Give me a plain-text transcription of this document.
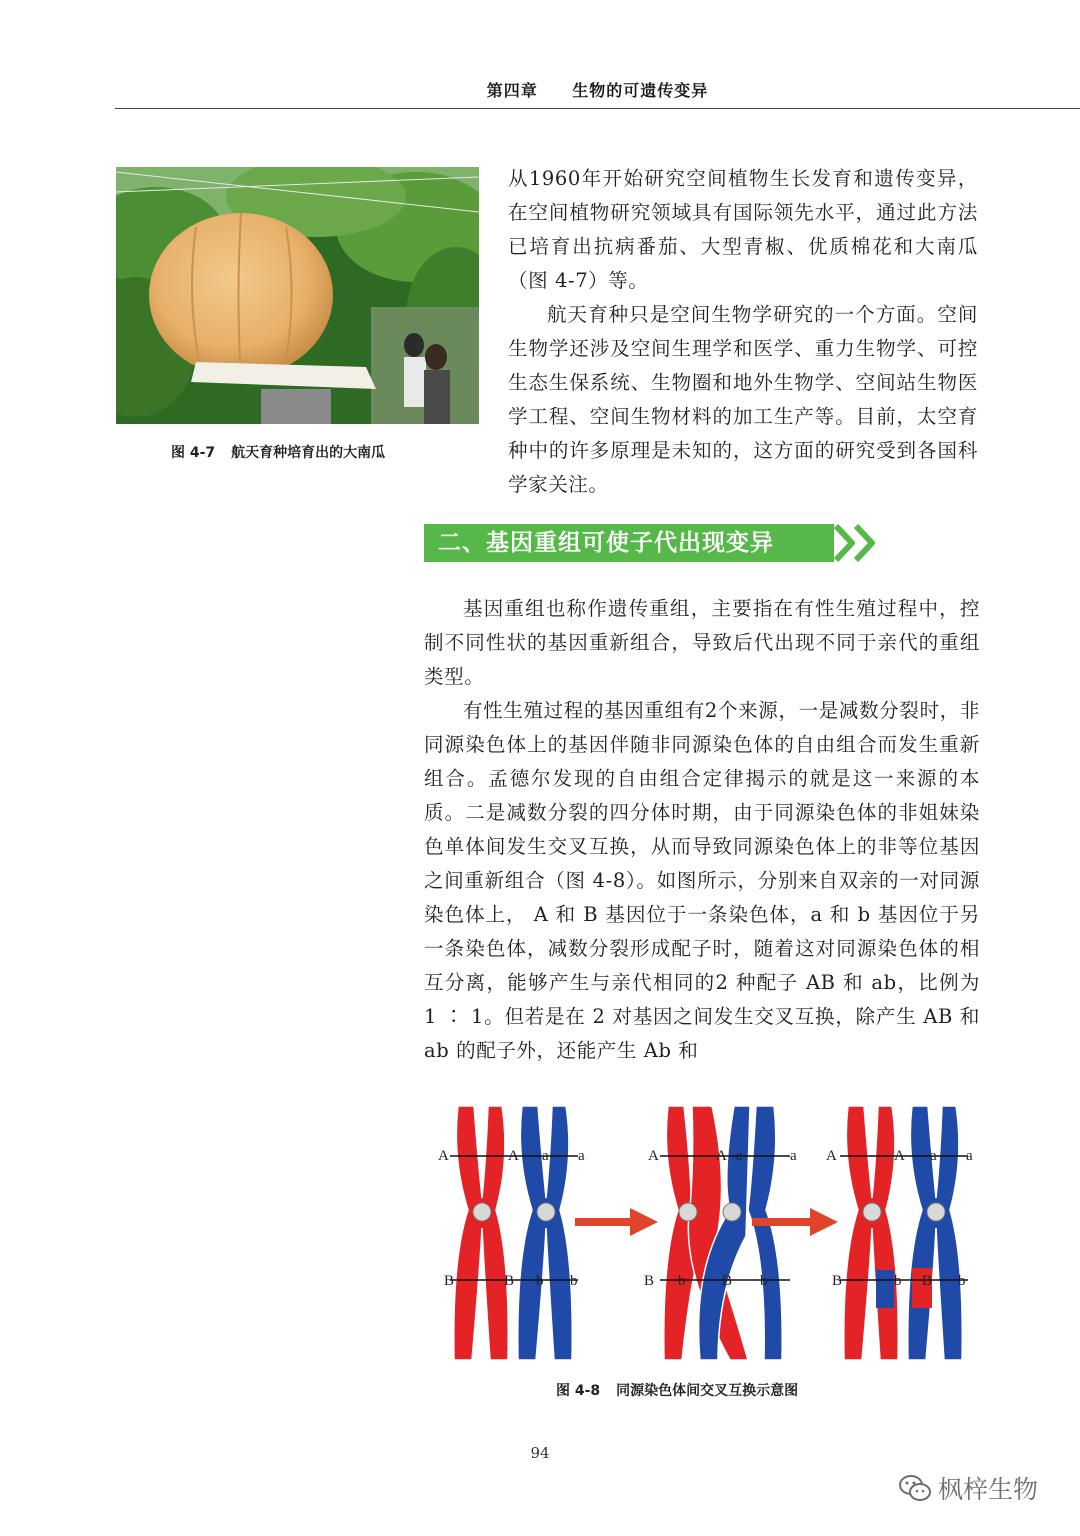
第四章 生物的可遗传变异
图 4-7 航天育种培育出的大南瓜

从1960年开始研究空间植物生长发育和遗传变异，在空间植物研究领域具有国际领先水平，通过此方法已培育出抗病番茄、大型青椒、优质棉花和大南瓜（图 4-7）等。

航天育种只是空间生物学研究的一个方面。空间生物学还涉及空间生理学和医学、重力生物学、可控生态生保系统、生物圈和地外生物学、空间站生物医学工程、空间生物材料的加工生产等。目前，太空育种中的许多原理是未知的，这方面的研究受到各国科学家关注。

二、基因重组可使子代出现变异

基因重组也称作遗传重组，主要指在有性生殖过程中，控制不同性状的基因重新组合，导致后代出现不同于亲代的重组类型。

有性生殖过程的基因重组有2个来源，一是减数分裂时，非同源染色体上的基因伴随非同源染色体的自由组合而发生重新组合。孟德尔发现的自由组合定律揭示的就是这一来源的本质。二是减数分裂的四分体时期，由于同源染色体的非姐妹染色单体间发生交叉互换，从而导致同源染色体上的非等位基因之间重新组合（图 4-8）。如图所示，分别来自双亲的一对同源染色体上， A 和 B 基因位于一条染色体，a 和 b 基因位于另一条染色体，减数分裂形成配子时，随着这对同源染色体的相互分离，能够产生与亲代相同的2 种配子 AB 和 ab，比例为 1 ∶ 1。但若是在 2 对基因之间发生交叉互换，除产生 AB 和 ab 的配子外，还能产生 Ab 和

A	A a a
B	B b b
A	A a	a
B b B b
A	A a a
B	b B b
图 4-8 同源染色体间交叉互换示意图
94
枫梓生物
